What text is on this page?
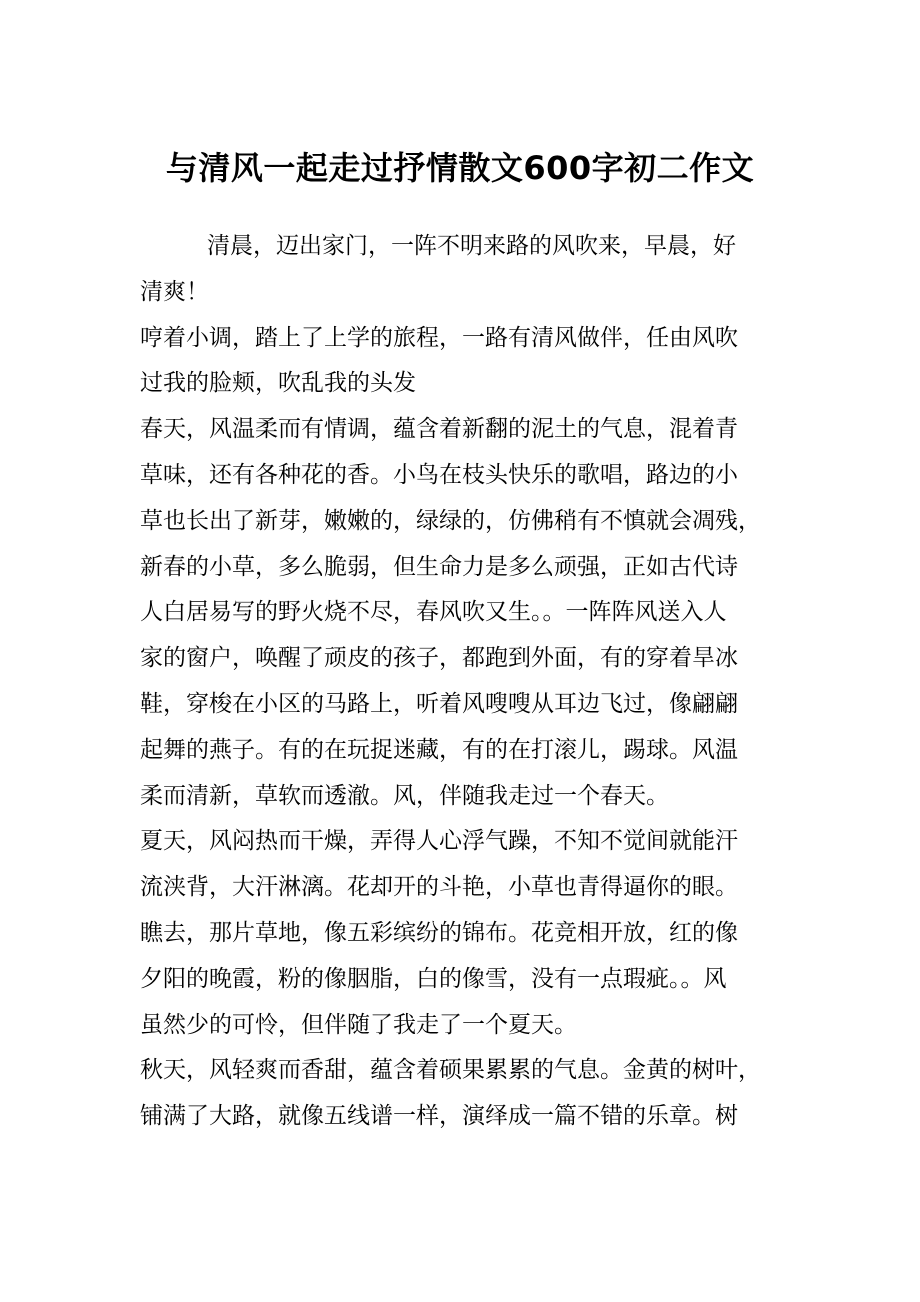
与清风一起走过抒情散文600字初二作文
清晨，迈出家门，一阵不明来路的风吹来，早晨，好
清爽！
哼着小调，踏上了上学的旅程，一路有清风做伴，任由风吹
过我的脸颊，吹乱我的头发
春天，风温柔而有情调，蕴含着新翻的泥土的气息，混着青
草味，还有各种花的香。小鸟在枝头快乐的歌唱，路边的小
草也长出了新芽，嫩嫩的，绿绿的，仿佛稍有不慎就会凋残，
新春的小草，多么脆弱，但生命力是多么顽强，正如古代诗
人白居易写的野火烧不尽，春风吹又生。。一阵阵风送入人
家的窗户，唤醒了顽皮的孩子，都跑到外面，有的穿着旱冰
鞋，穿梭在小区的马路上，听着风嗖嗖从耳边飞过，像翩翩
起舞的燕子。有的在玩捉迷藏，有的在打滚儿，踢球。风温
柔而清新，草软而透澈。风，伴随我走过一个春天。
夏天，风闷热而干燥，弄得人心浮气躁，不知不觉间就能汗
流浃背，大汗淋漓。花却开的斗艳，小草也青得逼你的眼。
瞧去，那片草地，像五彩缤纷的锦布。花竞相开放，红的像
夕阳的晚霞，粉的像胭脂，白的像雪，没有一点瑕疵。。风
虽然少的可怜，但伴随了我走了一个夏天。
秋天，风轻爽而香甜，蕴含着硕果累累的气息。金黄的树叶，
铺满了大路，就像五线谱一样，演绎成一篇不错的乐章。树
